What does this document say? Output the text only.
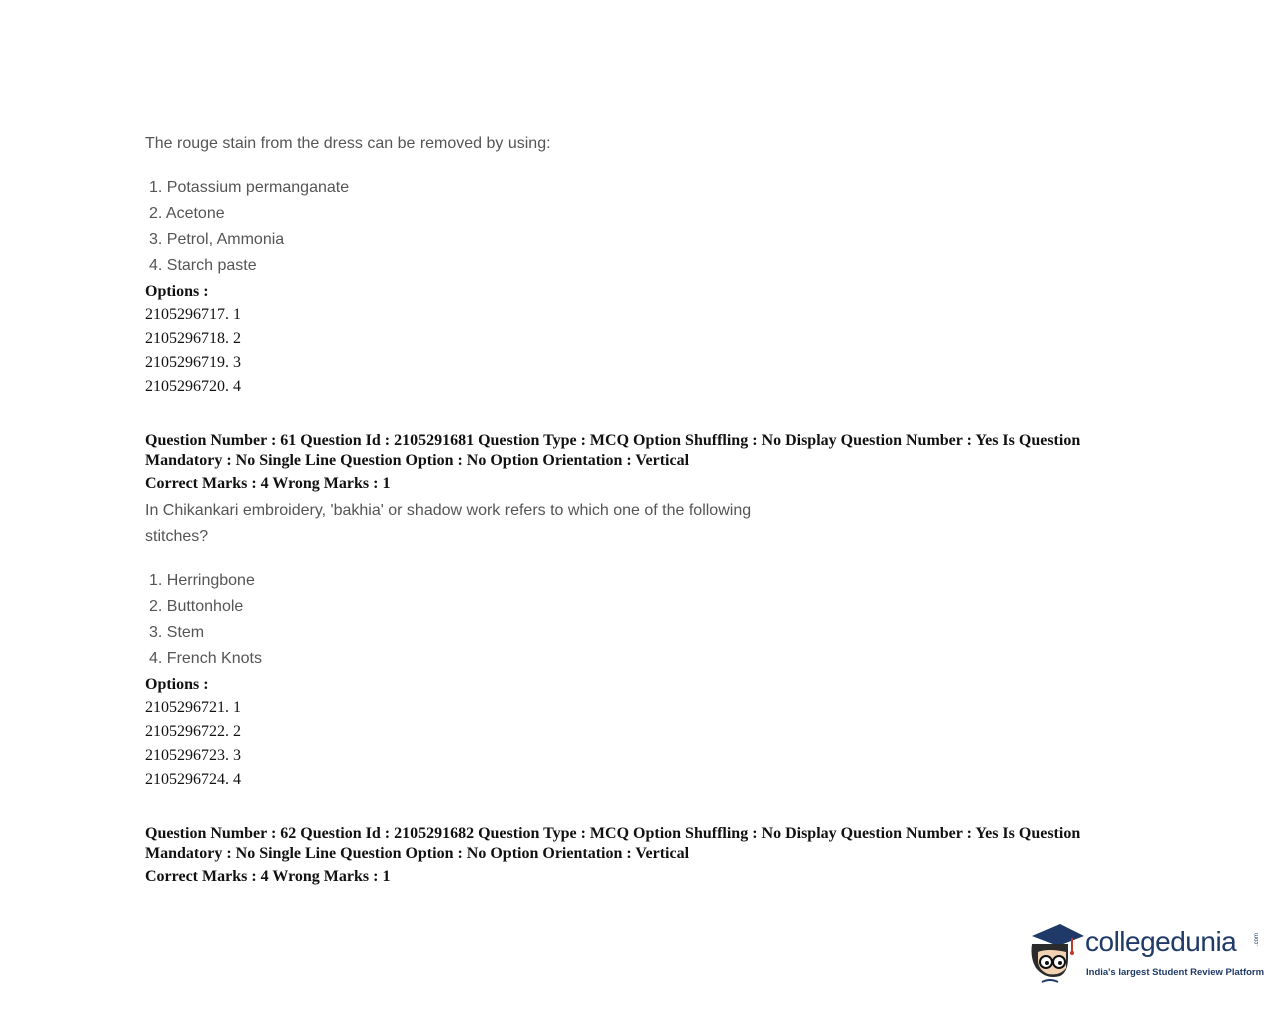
The rouge stain from the dress can be removed by using:
1. Potassium permanganate
2. Acetone
3. Petrol, Ammonia
4. Starch paste
Options :
2105296717. 1
2105296718. 2
2105296719. 3
2105296720. 4
Question Number : 61 Question Id : 2105291681 Question Type : MCQ Option Shuffling : No Display Question Number : Yes Is Question Mandatory : No Single Line Question Option : No Option Orientation : Vertical
Correct Marks : 4 Wrong Marks : 1
In Chikankari embroidery, 'bakhia' or shadow work refers to which one of the following
stitches?
1. Herringbone
2. Buttonhole
3. Stem
4. French Knots
Options :
2105296721. 1
2105296722. 2
2105296723. 3
2105296724. 4
Question Number : 62 Question Id : 2105291682 Question Type : MCQ Option Shuffling : No Display Question Number : Yes Is Question Mandatory : No Single Line Question Option : No Option Orientation : Vertical
Correct Marks : 4 Wrong Marks : 1
collegedunia	.com
India's largest Student Review Platform
